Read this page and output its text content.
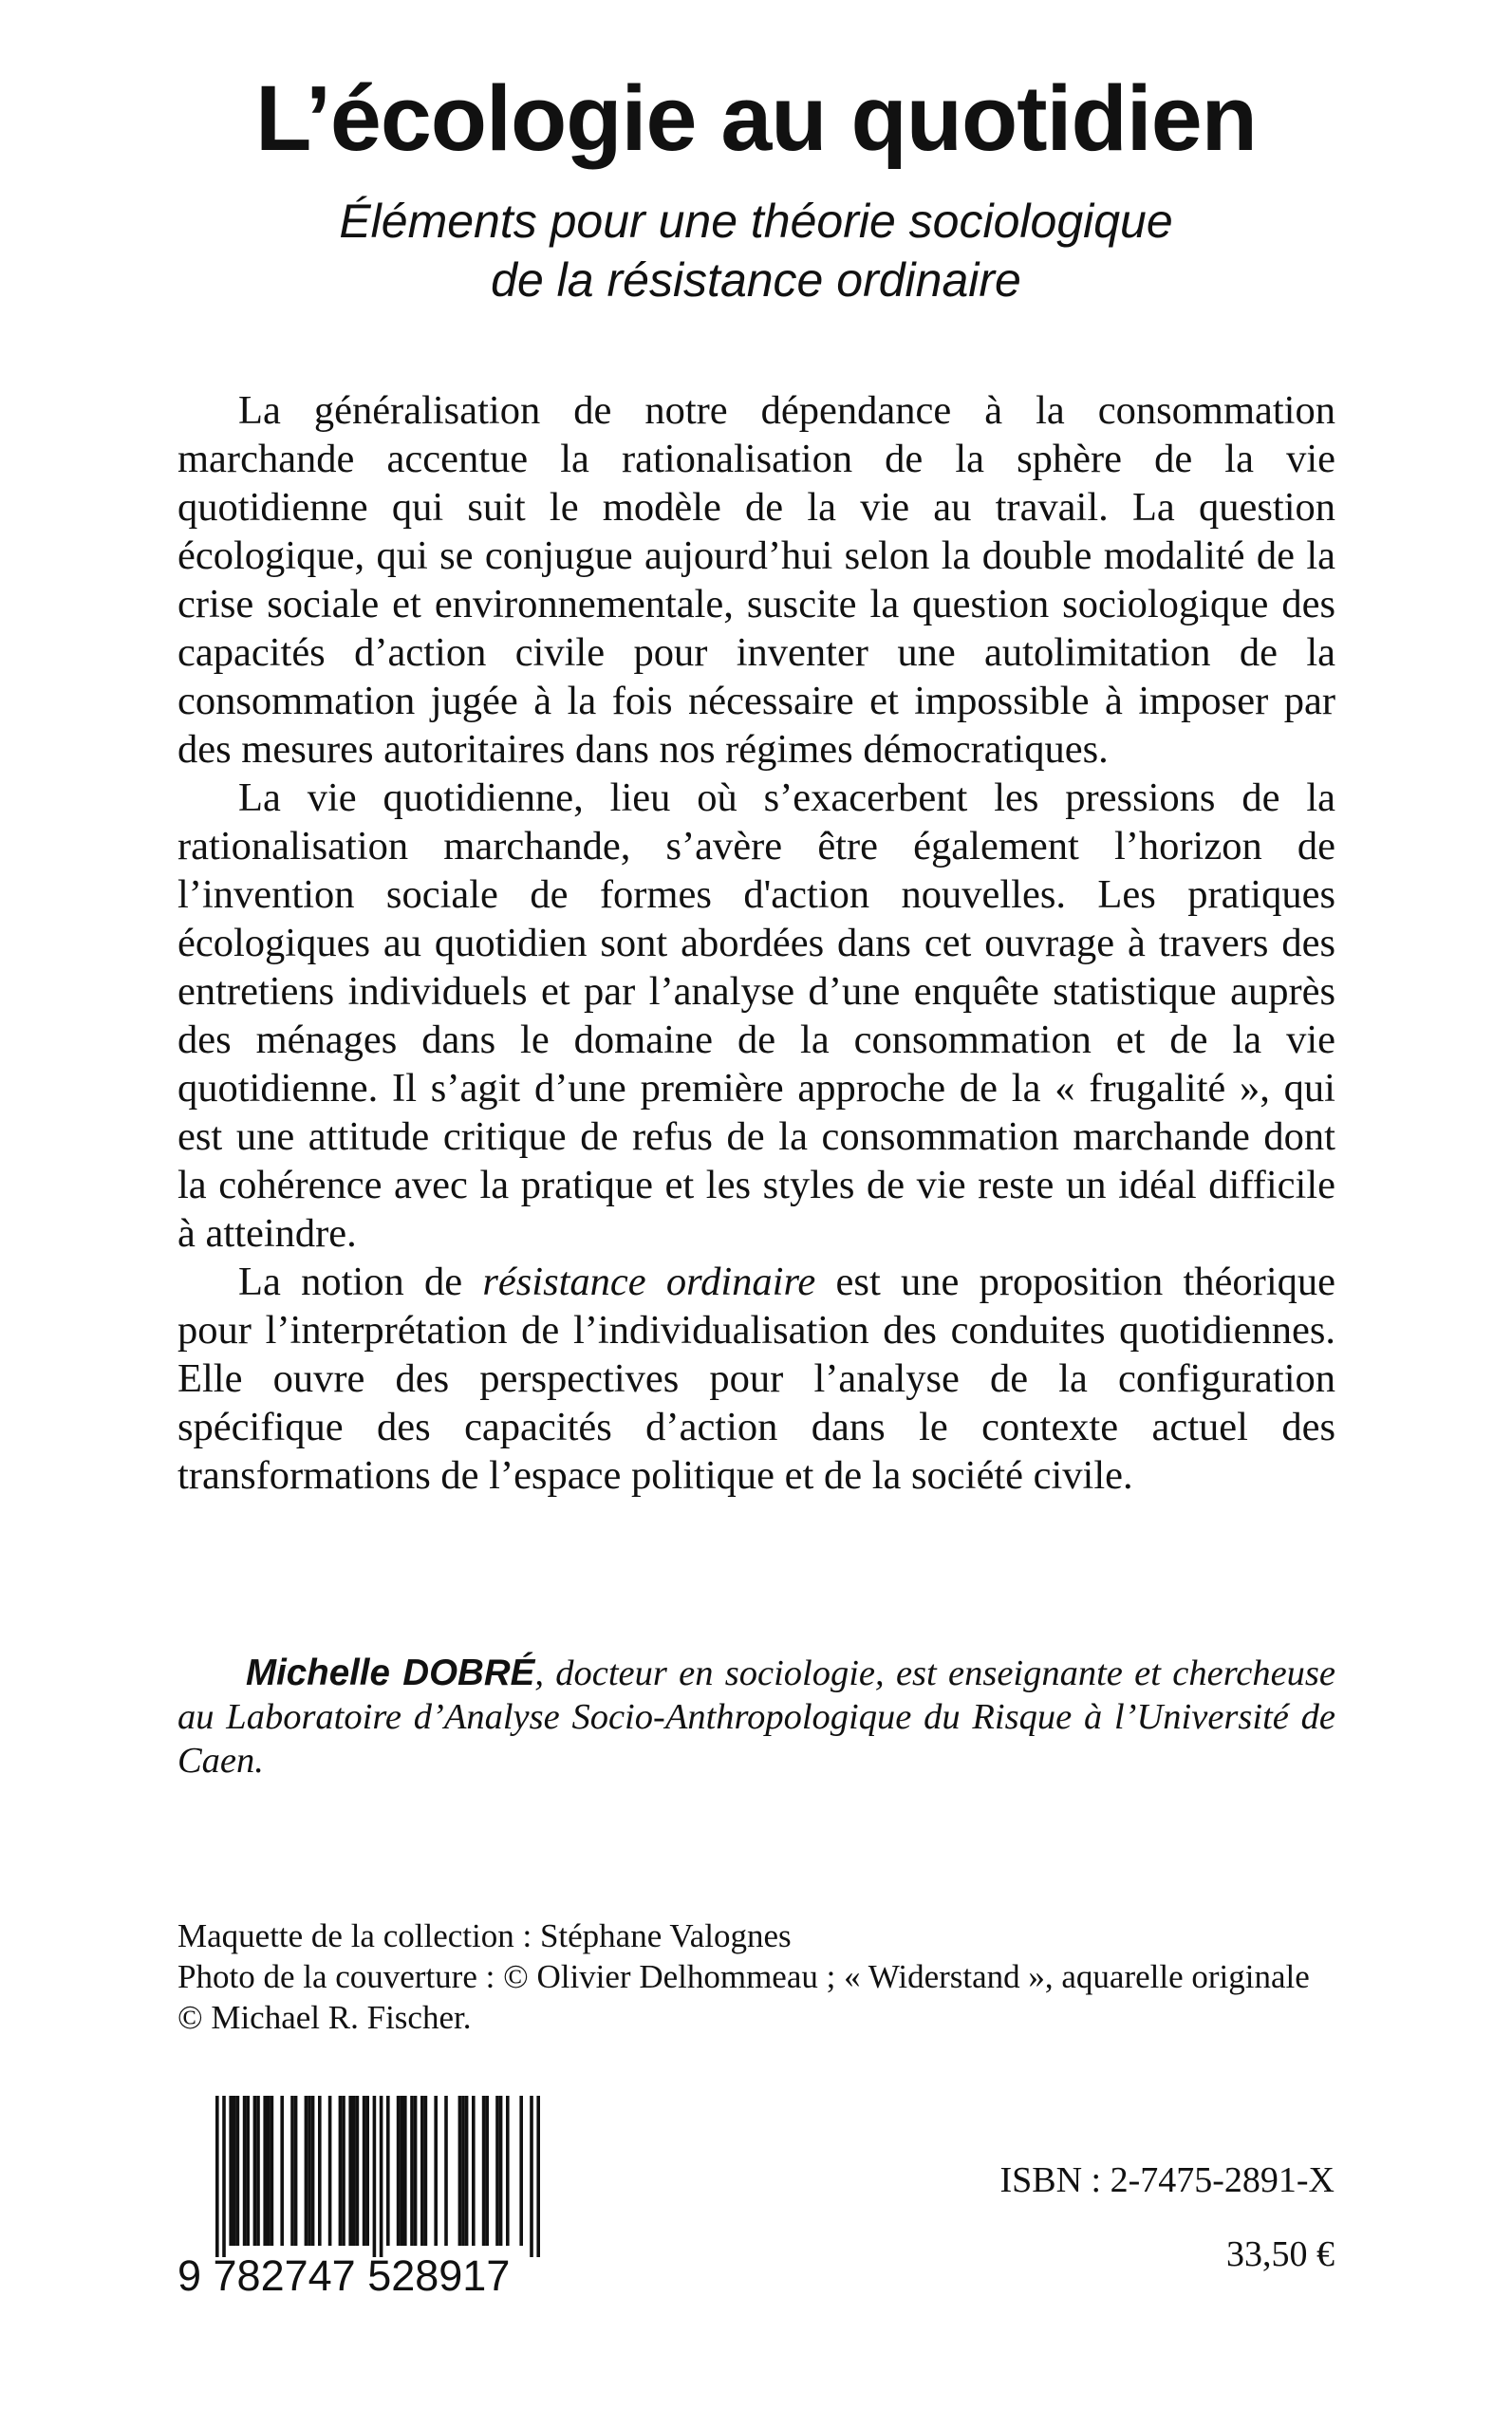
L’écologie au quotidien
Éléments pour une théorie sociologique
de la résistance ordinaire

La généralisation de notre dépendance à la consommation marchande accentue la rationalisation de la sphère de la vie quotidienne qui suit le modèle de la vie au travail. La question écologique, qui se conjugue aujourd’hui selon la double modalité de la crise sociale et environnementale, suscite la question sociologique des capacités d’action civile pour inventer une autolimitation de la consommation jugée à la fois nécessaire et impossible à imposer par des mesures autoritaires dans nos régimes démocratiques.

La vie quotidienne, lieu où s’exacerbent les pressions de la rationalisation marchande, s’avère être également l’horizon de l’invention sociale de formes d'action nouvelles. Les pratiques écologiques au quotidien sont abordées dans cet ouvrage à travers des entretiens individuels et par l’analyse d’une enquête statistique auprès des ménages dans le domaine de la consommation et de la vie quotidienne. Il s’agit d’une première approche de la « frugalité », qui est une attitude critique de refus de la consommation marchande dont la cohérence avec la pratique et les styles de vie reste un idéal difficile à atteindre.

La notion de résistance ordinaire est une proposition théorique pour l’interprétation de l’individualisation des conduites quotidiennes. Elle ouvre des perspectives pour l’analyse de la configuration spécifique des capacités d’action dans le contexte actuel des transformations de l’espace politique et de la société civile.

Michelle DOBRÉ, docteur en sociologie, est enseignante et chercheuse au Laboratoire d’Analyse Socio-Anthropologique du Risque à l’Université de Caen.
Maquette de la collection : Stéphane Valognes
Photo de la couverture : © Olivier Delhommeau ; « Widerstand », aquarelle originale © Michael R. Fischer.
9 782747 528917
ISBN : 2-7475-2891-X
33,50 €
